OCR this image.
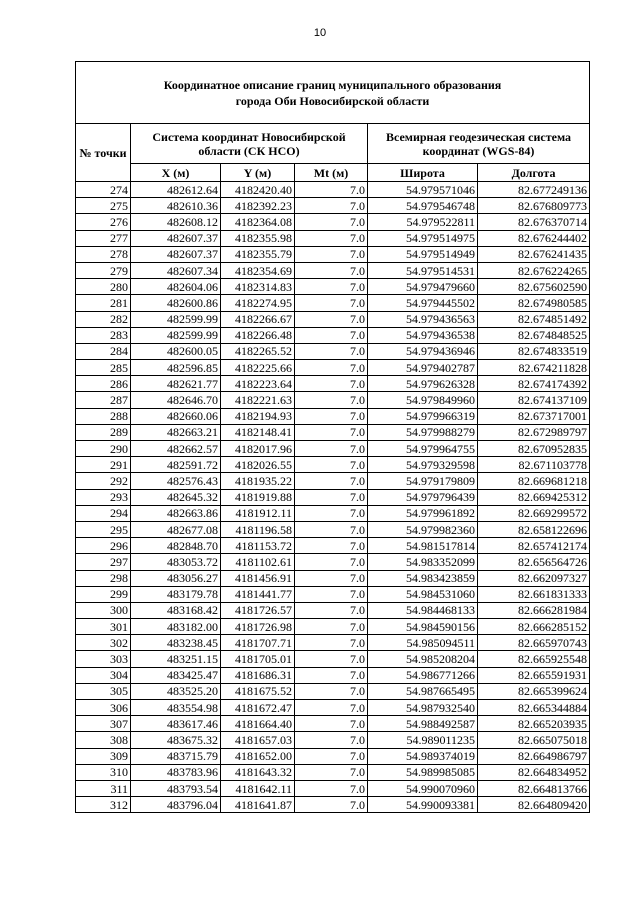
10
Координатное описание границ муниципального образования
города Оби Новосибирской области					
№ точки	Система координат Новосибирской области (СК НСО)			Всемирная геодезическая система координат (WGS-84)	
	X (м)	Y (м)	Mt (м)	Широта	Долгота
274	482612.64	4182420.40	7.0	54.979571046	82.677249136
275	482610.36	4182392.23	7.0	54.979546748	82.676809773
276	482608.12	4182364.08	7.0	54.979522811	82.676370714
277	482607.37	4182355.98	7.0	54.979514975	82.676244402
278	482607.37	4182355.79	7.0	54.979514949	82.676241435
279	482607.34	4182354.69	7.0	54.979514531	82.676224265
280	482604.06	4182314.83	7.0	54.979479660	82.675602590
281	482600.86	4182274.95	7.0	54.979445502	82.674980585
282	482599.99	4182266.67	7.0	54.979436563	82.674851492
283	482599.99	4182266.48	7.0	54.979436538	82.674848525
284	482600.05	4182265.52	7.0	54.979436946	82.674833519
285	482596.85	4182225.66	7.0	54.979402787	82.674211828
286	482621.77	4182223.64	7.0	54.979626328	82.674174392
287	482646.70	4182221.63	7.0	54.979849960	82.674137109
288	482660.06	4182194.93	7.0	54.979966319	82.673717001
289	482663.21	4182148.41	7.0	54.979988279	82.672989797
290	482662.57	4182017.96	7.0	54.979964755	82.670952835
291	482591.72	4182026.55	7.0	54.979329598	82.671103778
292	482576.43	4181935.22	7.0	54.979179809	82.669681218
293	482645.32	4181919.88	7.0	54.979796439	82.669425312
294	482663.86	4181912.11	7.0	54.979961892	82.669299572
295	482677.08	4181196.58	7.0	54.979982360	82.658122696
296	482848.70	4181153.72	7.0	54.981517814	82.657412174
297	483053.72	4181102.61	7.0	54.983352099	82.656564726
298	483056.27	4181456.91	7.0	54.983423859	82.662097327
299	483179.78	4181441.77	7.0	54.984531060	82.661831333
300	483168.42	4181726.57	7.0	54.984468133	82.666281984
301	483182.00	4181726.98	7.0	54.984590156	82.666285152
302	483238.45	4181707.71	7.0	54.985094511	82.665970743
303	483251.15	4181705.01	7.0	54.985208204	82.665925548
304	483425.47	4181686.31	7.0	54.986771266	82.665591931
305	483525.20	4181675.52	7.0	54.987665495	82.665399624
306	483554.98	4181672.47	7.0	54.987932540	82.665344884
307	483617.46	4181664.40	7.0	54.988492587	82.665203935
308	483675.32	4181657.03	7.0	54.989011235	82.665075018
309	483715.79	4181652.00	7.0	54.989374019	82.664986797
310	483783.96	4181643.32	7.0	54.989985085	82.664834952
311	483793.54	4181642.11	7.0	54.990070960	82.664813766
312	483796.04	4181641.87	7.0	54.990093381	82.664809420
